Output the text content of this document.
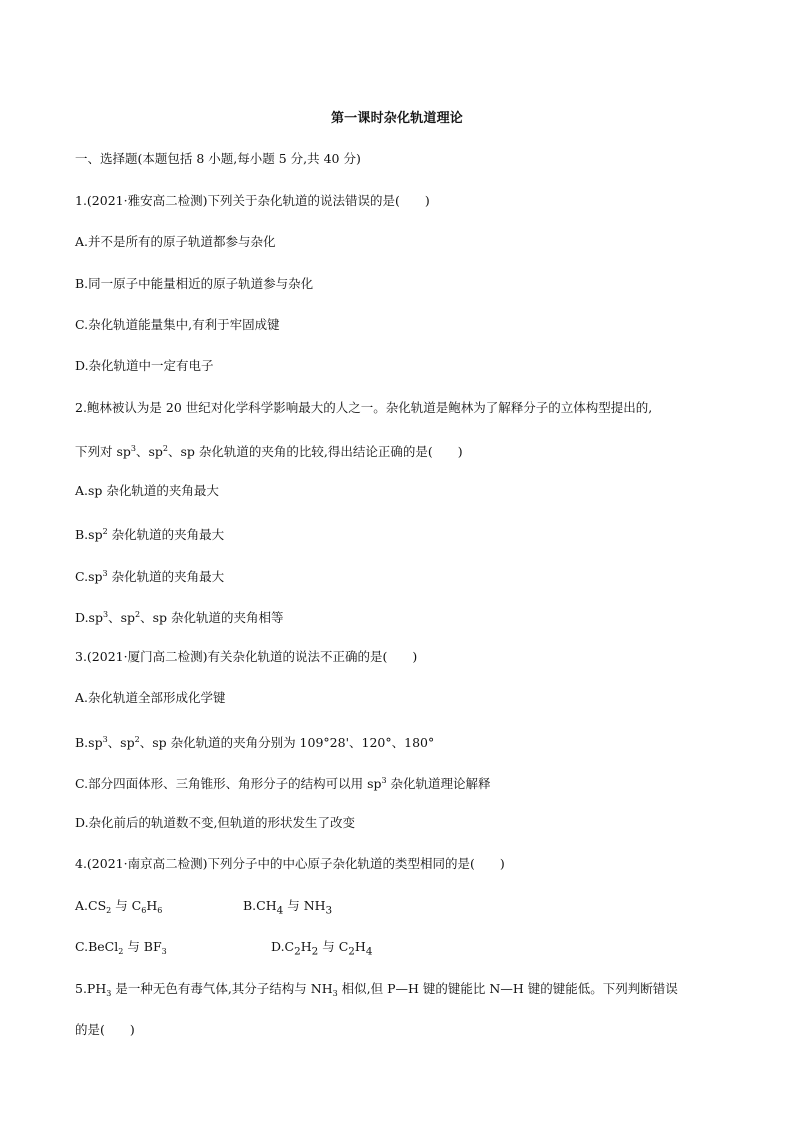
第一课时杂化轨道理论
一、选择题(本题包括 8 小题,每小题 5 分,共 40 分)
1.(2021·雅安高二检测)下列关于杂化轨道的说法错误的是(　　)
A.并不是所有的原子轨道都参与杂化
B.同一原子中能量相近的原子轨道参与杂化
C.杂化轨道能量集中,有利于牢固成键
D.杂化轨道中一定有电子
2.鲍林被认为是 20 世纪对化学科学影响最大的人之一。杂化轨道是鲍林为了解释分子的立体构型提出的,
下列对 $sp^3$、$sp^2$、sp 杂化轨道的夹角的比较,得出结论正确的是(　　)
A.sp 杂化轨道的夹角最大
$B.sp^2$ 杂化轨道的夹角最大
$C.sp^3$ 杂化轨道的夹角最大
$D.sp^3$、$sp^2$、sp 杂化轨道的夹角相等
3.(2021·厦门高二检测)有关杂化轨道的说法不正确的是(　　)
A.杂化轨道全部形成化学键
$B.sp^3$、$sp^2$、sp 杂化轨道的夹角分别为 109°28'、120°、180°
C.部分四面体形、三角锥形、角形分子的结构可以用 $sp^3$ 杂化轨道理论解释
D.杂化前后的轨道数不变,但轨道的形状发生了改变
4.(2021·南京高二检测)下列分子中的中心原子杂化轨道的类型相同的是(　　)
$A.CS_2$ 与 $C_6H_6$	$B.CH_4$ 与 $NH_3$
C.BeCl$_2$ 与 $BF_3$	$D.C_2H_2$ 与 $C_2H_4$
$5.PH_3$ 是一种无色有毒气体,其分子结构与 $NH_3$ 相似,但 P—H 键的键能比 N—H 键的键能低。下列判断错误
的是(　　)
